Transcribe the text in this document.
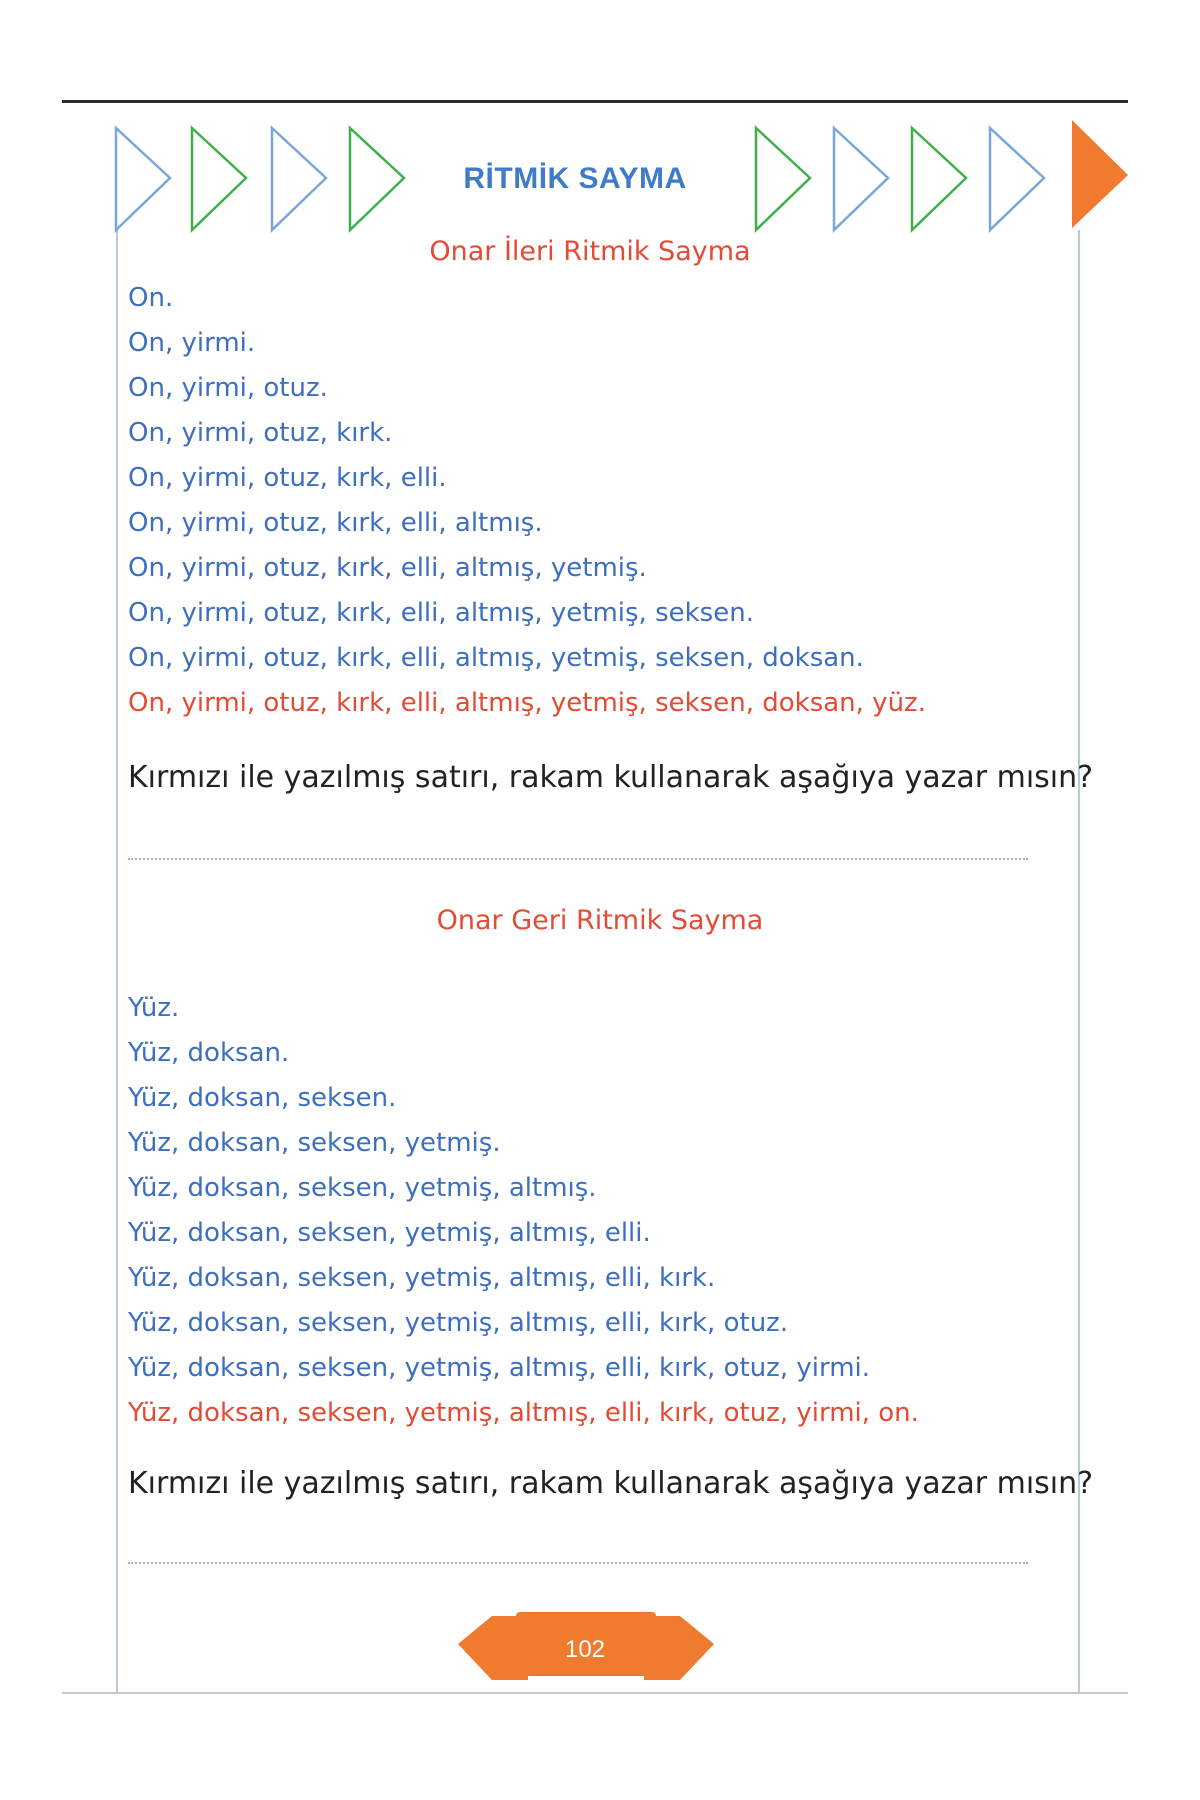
RİTMİK SAYMA
Onar İleri Ritmik Sayma
On.
On, yirmi.
On, yirmi, otuz.
On, yirmi, otuz, kırk.
On, yirmi, otuz, kırk, elli.
On, yirmi, otuz, kırk, elli, altmış.
On, yirmi, otuz, kırk, elli, altmış, yetmiş.
On, yirmi, otuz, kırk, elli, altmış, yetmiş, seksen.
On, yirmi, otuz, kırk, elli, altmış, yetmiş, seksen, doksan.
On, yirmi, otuz, kırk, elli, altmış, yetmiş, seksen, doksan, yüz.
Kırmızı ile yazılmış satırı, rakam kullanarak aşağıya yazar mısın?
Onar Geri Ritmik Sayma
Yüz.
Yüz, doksan.
Yüz, doksan, seksen.
Yüz, doksan, seksen, yetmiş.
Yüz, doksan, seksen, yetmiş, altmış.
Yüz, doksan, seksen, yetmiş, altmış, elli.
Yüz, doksan, seksen, yetmiş, altmış, elli, kırk.
Yüz, doksan, seksen, yetmiş, altmış, elli, kırk, otuz.
Yüz, doksan, seksen, yetmiş, altmış, elli, kırk, otuz, yirmi.
Yüz, doksan, seksen, yetmiş, altmış, elli, kırk, otuz, yirmi, on.
Kırmızı ile yazılmış satırı, rakam kullanarak aşağıya yazar mısın?
102
